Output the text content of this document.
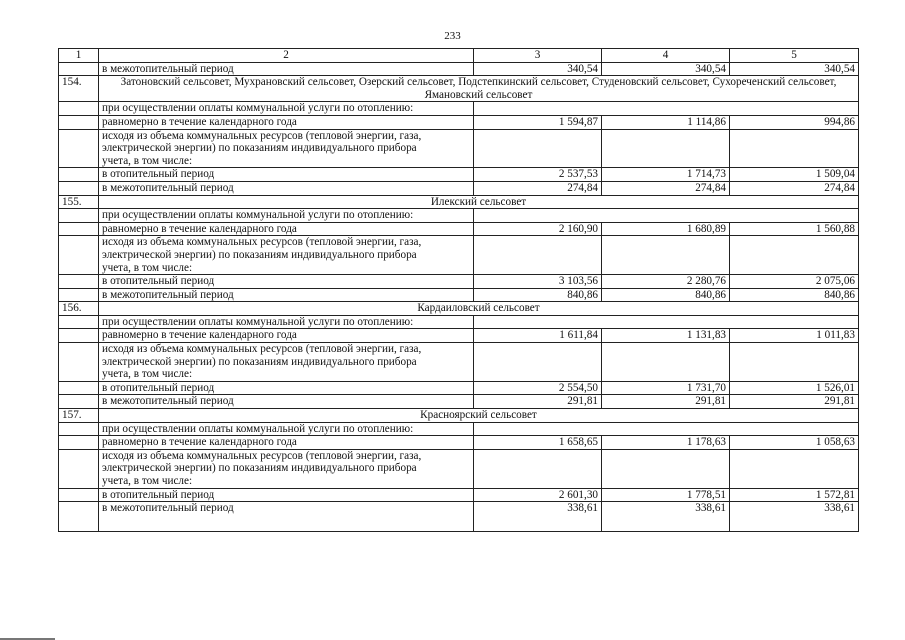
233
1	2	3	4	5
	в межотопительный период	340,54	340,54	340,54
154.	Затоновский сельсовет, Мухрановский сельсовет, Озерский сельсовет, Подстепкинский сельсовет, Студеновский сельсовет, Сухореченский сельсовет, Ямановский сельсовет			
	при осуществлении оплаты коммунальной услуги по отоплению:			
	равномерно в течение календарного года	1 594,87	1 114,86	994,86
	исходя из объема коммунальных ресурсов (тепловой энергии, газа, электрической энергии) по показаниям индивидуального прибора учета, в том числе:			
	в отопительный период	2 537,53	1 714,73	1 509,04
	в межотопительный период	274,84	274,84	274,84
155.	Илекский сельсовет			
	при осуществлении оплаты коммунальной услуги по отоплению:			
	равномерно в течение календарного года	2 160,90	1 680,89	1 560,88
	исходя из объема коммунальных ресурсов (тепловой энергии, газа, электрической энергии) по показаниям индивидуального прибора учета, в том числе:			
	в отопительный период	3 103,56	2 280,76	2 075,06
	в межотопительный период	840,86	840,86	840,86
156.	Кардаиловский сельсовет			
	при осуществлении оплаты коммунальной услуги по отоплению:			
	равномерно в течение календарного года	1 611,84	1 131,83	1 011,83
	исходя из объема коммунальных ресурсов (тепловой энергии, газа, электрической энергии) по показаниям индивидуального прибора учета, в том числе:			
	в отопительный период	2 554,50	1 731,70	1 526,01
	в межотопительный период	291,81	291,81	291,81
157.	Красноярский сельсовет			
	при осуществлении оплаты коммунальной услуги по отоплению:			
	равномерно в течение календарного года	1 658,65	1 178,63	1 058,63
	исходя из объема коммунальных ресурсов (тепловой энергии, газа, электрической энергии) по показаниям индивидуального прибора учета, в том числе:			
	в отопительный период	2 601,30	1 778,51	1 572,81
	в межотопительный период	338,61	338,61	338,61
